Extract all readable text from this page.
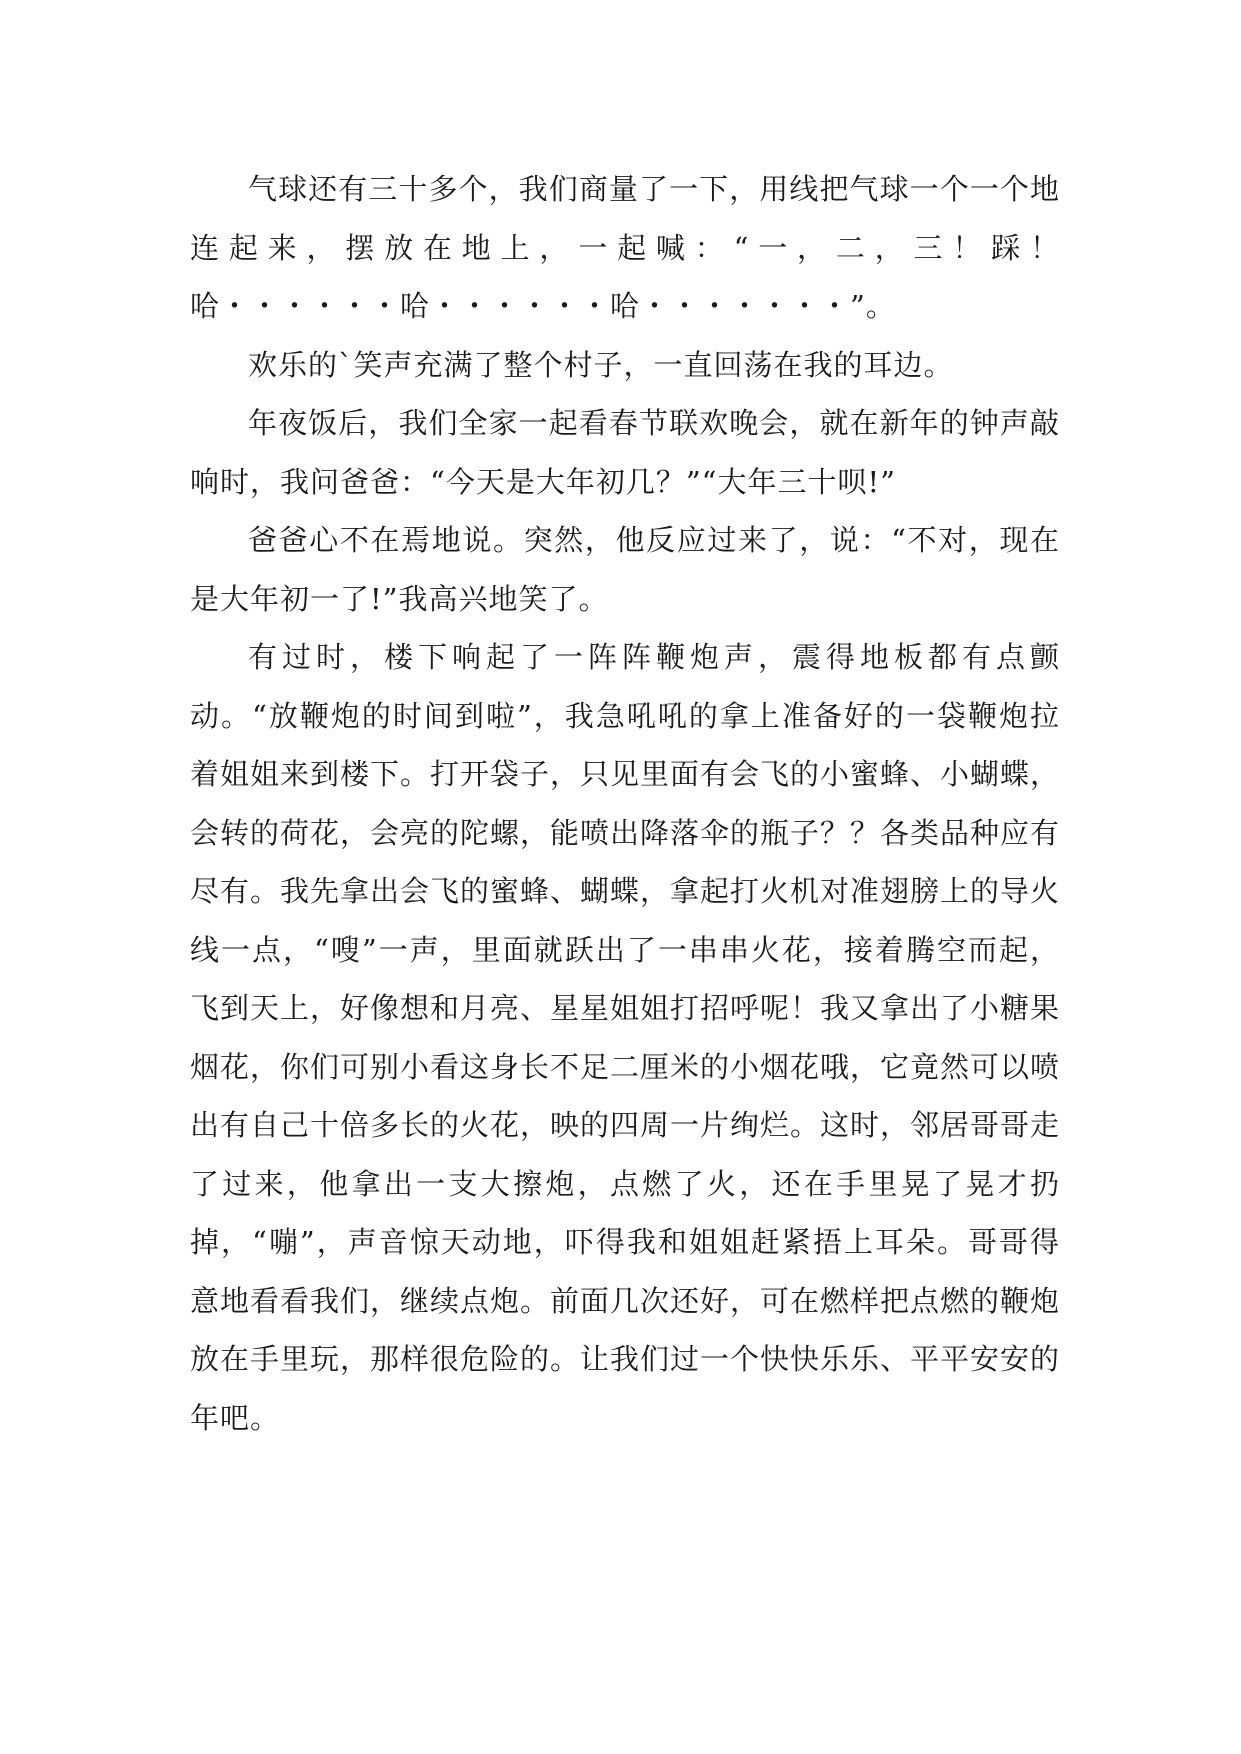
气球还有三十多个，我们商量了一下，用线把气球一个一个地连起来，摆放在地上，一起喊：“一，二，三！踩！哈・・・・・・哈・・・・・・哈・・・・・・・”。

欢乐的`笑声充满了整个村子，一直回荡在我的耳边。

年夜饭后，我们全家一起看春节联欢晚会，就在新年的钟声敲响时，我问爸爸：“今天是大年初几？”“大年三十呗!”

爸爸心不在焉地说。突然，他反应过来了，说：“不对，现在是大年初一了!”我高兴地笑了。

有过时，楼下响起了一阵阵鞭炮声，震得地板都有点颤动。“放鞭炮的时间到啦”，我急吼吼的拿上准备好的一袋鞭炮拉着姐姐来到楼下。打开袋子，只见里面有会飞的小蜜蜂、小蝴蝶，会转的荷花，会亮的陀螺，能喷出降落伞的瓶子？？各类品种应有尽有。我先拿出会飞的蜜蜂、蝴蝶，拿起打火机对准翅膀上的导火线一点，“嗖”一声，里面就跃出了一串串火花，接着腾空而起，飞到天上，好像想和月亮、星星姐姐打招呼呢！我又拿出了小糖果烟花，你们可别小看这身长不足二厘米的小烟花哦，它竟然可以喷出有自己十倍多长的火花，映的四周一片绚烂。这时，邻居哥哥走了过来，他拿出一支大擦炮，点燃了火，还在手里晃了晃才扔掉，“嘣”，声音惊天动地，吓得我和姐姐赶紧捂上耳朵。哥哥得意地看看我们，继续点炮。前面几次还好，可在燃样把点燃的鞭炮放在手里玩，那样很危险的。让我们过一个快快乐乐、平平安安的年吧。
